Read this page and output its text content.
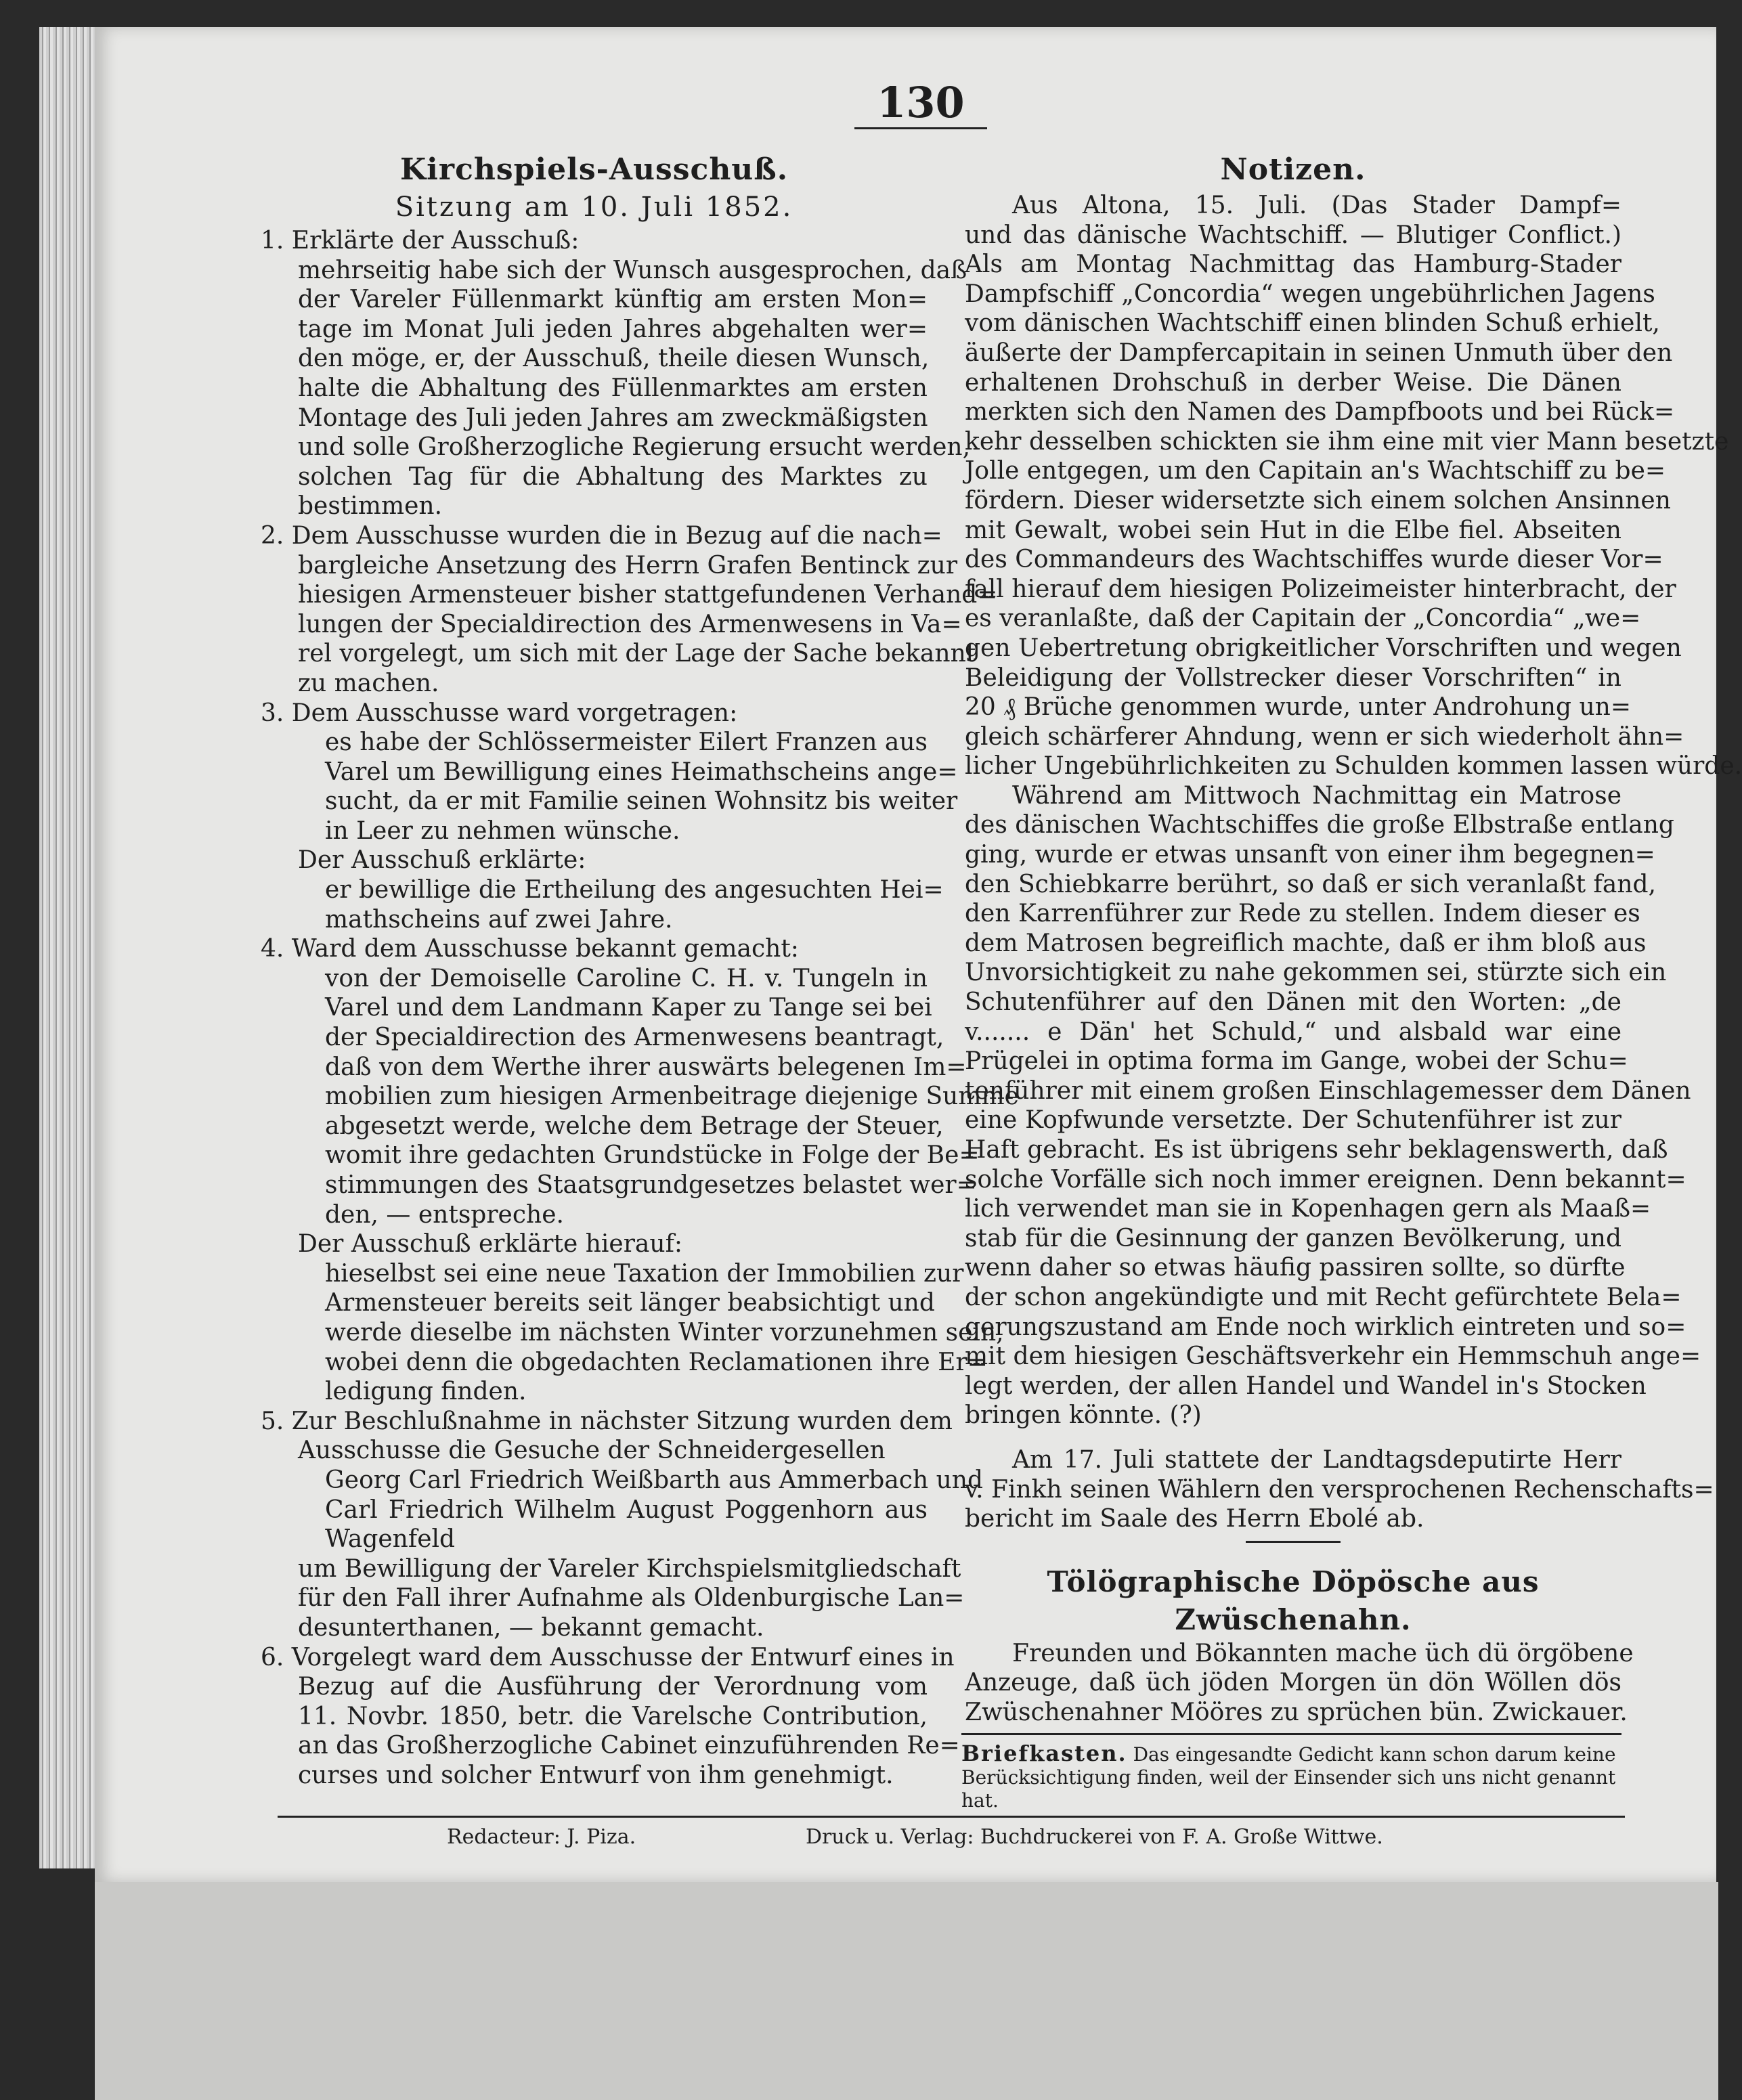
130
Kirchspiels-Ausschuß.
Sitzung am 10. Juli 1852.
1. Erklärte der Ausschuß:
mehrseitig habe sich der Wunsch ausgesprochen, daß
der Vareler Füllenmarkt künftig am ersten Mon=
tage im Monat Juli jeden Jahres abgehalten wer=
den möge, er, der Ausschuß, theile diesen Wunsch,
halte die Abhaltung des Füllenmarktes am ersten
Montage des Juli jeden Jahres am zweckmäßigsten
und solle Großherzogliche Regierung ersucht werden,
solchen Tag für die Abhaltung des Marktes zu
bestimmen.
2. Dem Ausschusse wurden die in Bezug auf die nach=
bargleiche Ansetzung des Herrn Grafen Bentinck zur
hiesigen Armensteuer bisher stattgefundenen Verhand=
lungen der Specialdirection des Armenwesens in Va=
rel vorgelegt, um sich mit der Lage der Sache bekannt
zu machen.
3. Dem Ausschusse ward vorgetragen:
es habe der Schlössermeister Eilert Franzen aus
Varel um Bewilligung eines Heimathscheins ange=
sucht, da er mit Familie seinen Wohnsitz bis weiter
in Leer zu nehmen wünsche.
Der Ausschuß erklärte:
er bewillige die Ertheilung des angesuchten Hei=
mathscheins auf zwei Jahre.
4. Ward dem Ausschusse bekannt gemacht:
von der Demoiselle Caroline C. H. v. Tungeln in
Varel und dem Landmann Kaper zu Tange sei bei
der Specialdirection des Armenwesens beantragt,
daß von dem Werthe ihrer auswärts belegenen Im=
mobilien zum hiesigen Armenbeitrage diejenige Summe
abgesetzt werde, welche dem Betrage der Steuer,
womit ihre gedachten Grundstücke in Folge der Be=
stimmungen des Staatsgrundgesetzes belastet wer=
den, — entspreche.
Der Ausschuß erklärte hierauf:
hieselbst sei eine neue Taxation der Immobilien zur
Armensteuer bereits seit länger beabsichtigt und
werde dieselbe im nächsten Winter vorzunehmen sein,
wobei denn die obgedachten Reclamationen ihre Er=
ledigung finden.
5. Zur Beschlußnahme in nächster Sitzung wurden dem
Ausschusse die Gesuche der Schneidergesellen
Georg Carl Friedrich Weißbarth aus Ammerbach und
Carl Friedrich Wilhelm August Poggenhorn aus
Wagenfeld
um Bewilligung der Vareler Kirchspielsmitgliedschaft
für den Fall ihrer Aufnahme als Oldenburgische Lan=
desunterthanen, — bekannt gemacht.
6. Vorgelegt ward dem Ausschusse der Entwurf eines in
Bezug auf die Ausführung der Verordnung vom
11. Novbr. 1850, betr. die Varelsche Contribution,
an das Großherzogliche Cabinet einzuführenden Re=
curses und solcher Entwurf von ihm genehmigt.
Notizen.
Aus Altona, 15. Juli. (Das Stader Dampf=
und das dänische Wachtschiff. — Blutiger Conflict.)
Als am Montag Nachmittag das Hamburg-Stader
Dampfschiff „Concordia“ wegen ungebührlichen Jagens
vom dänischen Wachtschiff einen blinden Schuß erhielt,
äußerte der Dampfercapitain in seinen Unmuth über den
erhaltenen Drohschuß in derber Weise. Die Dänen
merkten sich den Namen des Dampfboots und bei Rück=
kehr desselben schickten sie ihm eine mit vier Mann besetzte
Jolle entgegen, um den Capitain an's Wachtschiff zu be=
fördern. Dieser widersetzte sich einem solchen Ansinnen
mit Gewalt, wobei sein Hut in die Elbe fiel. Abseiten
des Commandeurs des Wachtschiffes wurde dieser Vor=
fall hierauf dem hiesigen Polizeimeister hinterbracht, der
es veranlaßte, daß der Capitain der „Concordia“ „we=
gen Uebertretung obrigkeitlicher Vorschriften und wegen
Beleidigung der Vollstrecker dieser Vorschriften“ in
20 ₰ Brüche genommen wurde, unter Androhung un=
gleich schärferer Ahndung, wenn er sich wiederholt ähn=
licher Ungebührlichkeiten zu Schulden kommen lassen würde.
Während am Mittwoch Nachmittag ein Matrose
des dänischen Wachtschiffes die große Elbstraße entlang
ging, wurde er etwas unsanft von einer ihm begegnen=
den Schiebkarre berührt, so daß er sich veranlaßt fand,
den Karrenführer zur Rede zu stellen. Indem dieser es
dem Matrosen begreiflich machte, daß er ihm bloß aus
Unvorsichtigkeit zu nahe gekommen sei, stürzte sich ein
Schutenführer auf den Dänen mit den Worten: „de
v....... e Dän' het Schuld,“ und alsbald war eine
Prügelei in optima forma im Gange, wobei der Schu=
tenführer mit einem großen Einschlagemesser dem Dänen
eine Kopfwunde versetzte. Der Schutenführer ist zur
Haft gebracht. Es ist übrigens sehr beklagenswerth, daß
solche Vorfälle sich noch immer ereignen. Denn bekannt=
lich verwendet man sie in Kopenhagen gern als Maaß=
stab für die Gesinnung der ganzen Bevölkerung, und
wenn daher so etwas häufig passiren sollte, so dürfte
der schon angekündigte und mit Recht gefürchtete Bela=
gerungszustand am Ende noch wirklich eintreten und so=
mit dem hiesigen Geschäftsverkehr ein Hemmschuh ange=
legt werden, der allen Handel und Wandel in's Stocken
bringen könnte. (?)
Am 17. Juli stattete der Landtagsdeputirte Herr
v. Finkh seinen Wählern den versprochenen Rechenschafts=
bericht im Saale des Herrn Ebolé ab.
Tölögraphische Döpösche aus Zwüschenahn.
Freunden und Bökannten mache üch dü örgöbene
Anzeuge, daß üch jöden Morgen ün dön Wöllen dös
Zwüschenahner Mööres zu sprüchen bün. Zwickauer.
Briefkasten. Das eingesandte Gedicht kann schon darum keine Berücksichtigung finden, weil der Einsender sich uns nicht genannt hat.
Redacteur: J. Piza.	Druck u. Verlag: Buchdruckerei von F. A. Große Wittwe.
